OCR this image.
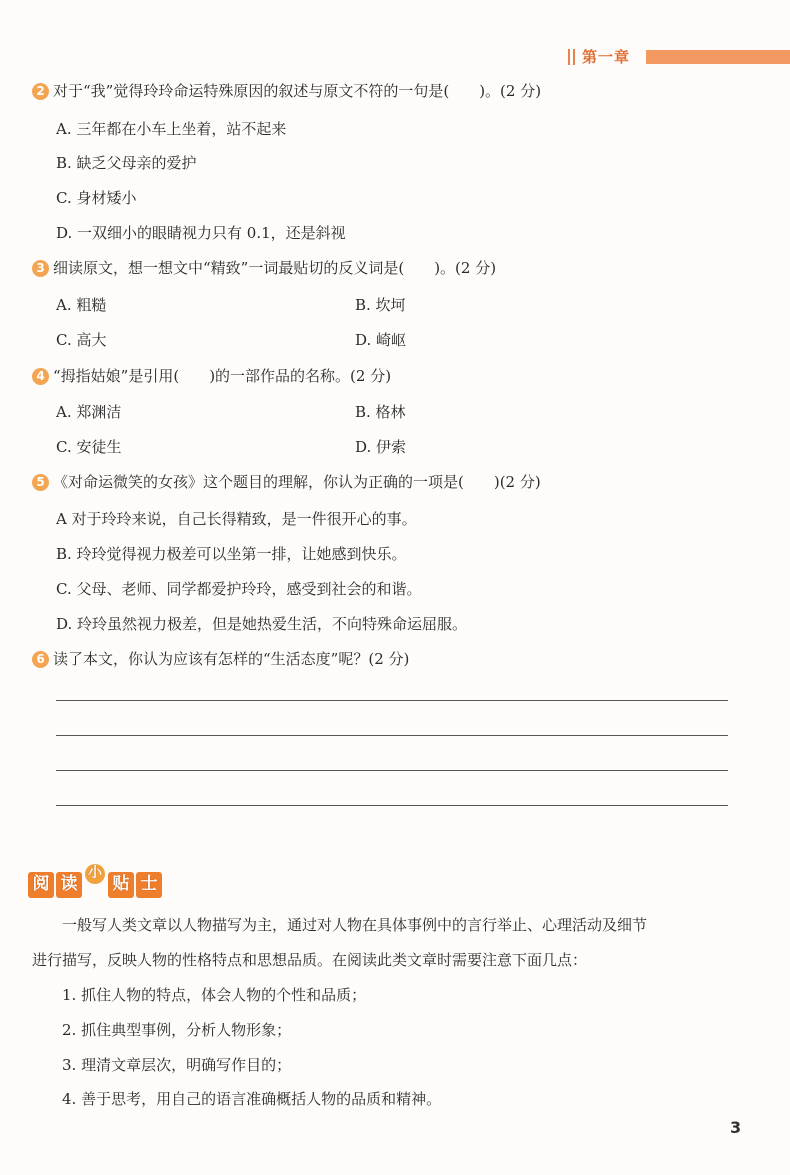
第一章
2 对于“我”觉得玲玲命运特殊原因的叙述与原文不符的一句是(　　)。(2 分)
A. 三年都在小车上坐着，站不起来
B. 缺乏父母亲的爱护
C. 身材矮小
D. 一双细小的眼睛视力只有 0.1，还是斜视
3 细读原文，想一想文中“精致”一词最贴切的反义词是(　　)。(2 分)
A. 粗糙	B. 坎坷
C. 高大	D. 崎岖
4 “拇指姑娘”是引用(　　)的一部作品的名称。(2 分)
A. 郑渊洁	B. 格林
C. 安徒生	D. 伊索
5 《对命运微笑的女孩》这个题目的理解，你认为正确的一项是(　　)(2 分)
A 对于玲玲来说，自己长得精致，是一件很开心的事。
B. 玲玲觉得视力极差可以坐第一排，让她感到快乐。
C. 父母、老师、同学都爱护玲玲，感受到社会的和谐。
D. 玲玲虽然视力极差，但是她热爱生活，不向特殊命运屈服。
6 读了本文，你认为应该有怎样的“生活态度”呢？(2 分)
阅 读
小
贴 士
一般写人类文章以人物描写为主，通过对人物在具体事例中的言行举止、心理活动及细节
进行描写，反映人物的性格特点和思想品质。在阅读此类文章时需要注意下面几点：
1. 抓住人物的特点，体会人物的个性和品质；
2. 抓住典型事例，分析人物形象；
3. 理清文章层次，明确写作目的；
4. 善于思考，用自己的语言准确概括人物的品质和精神。
3
